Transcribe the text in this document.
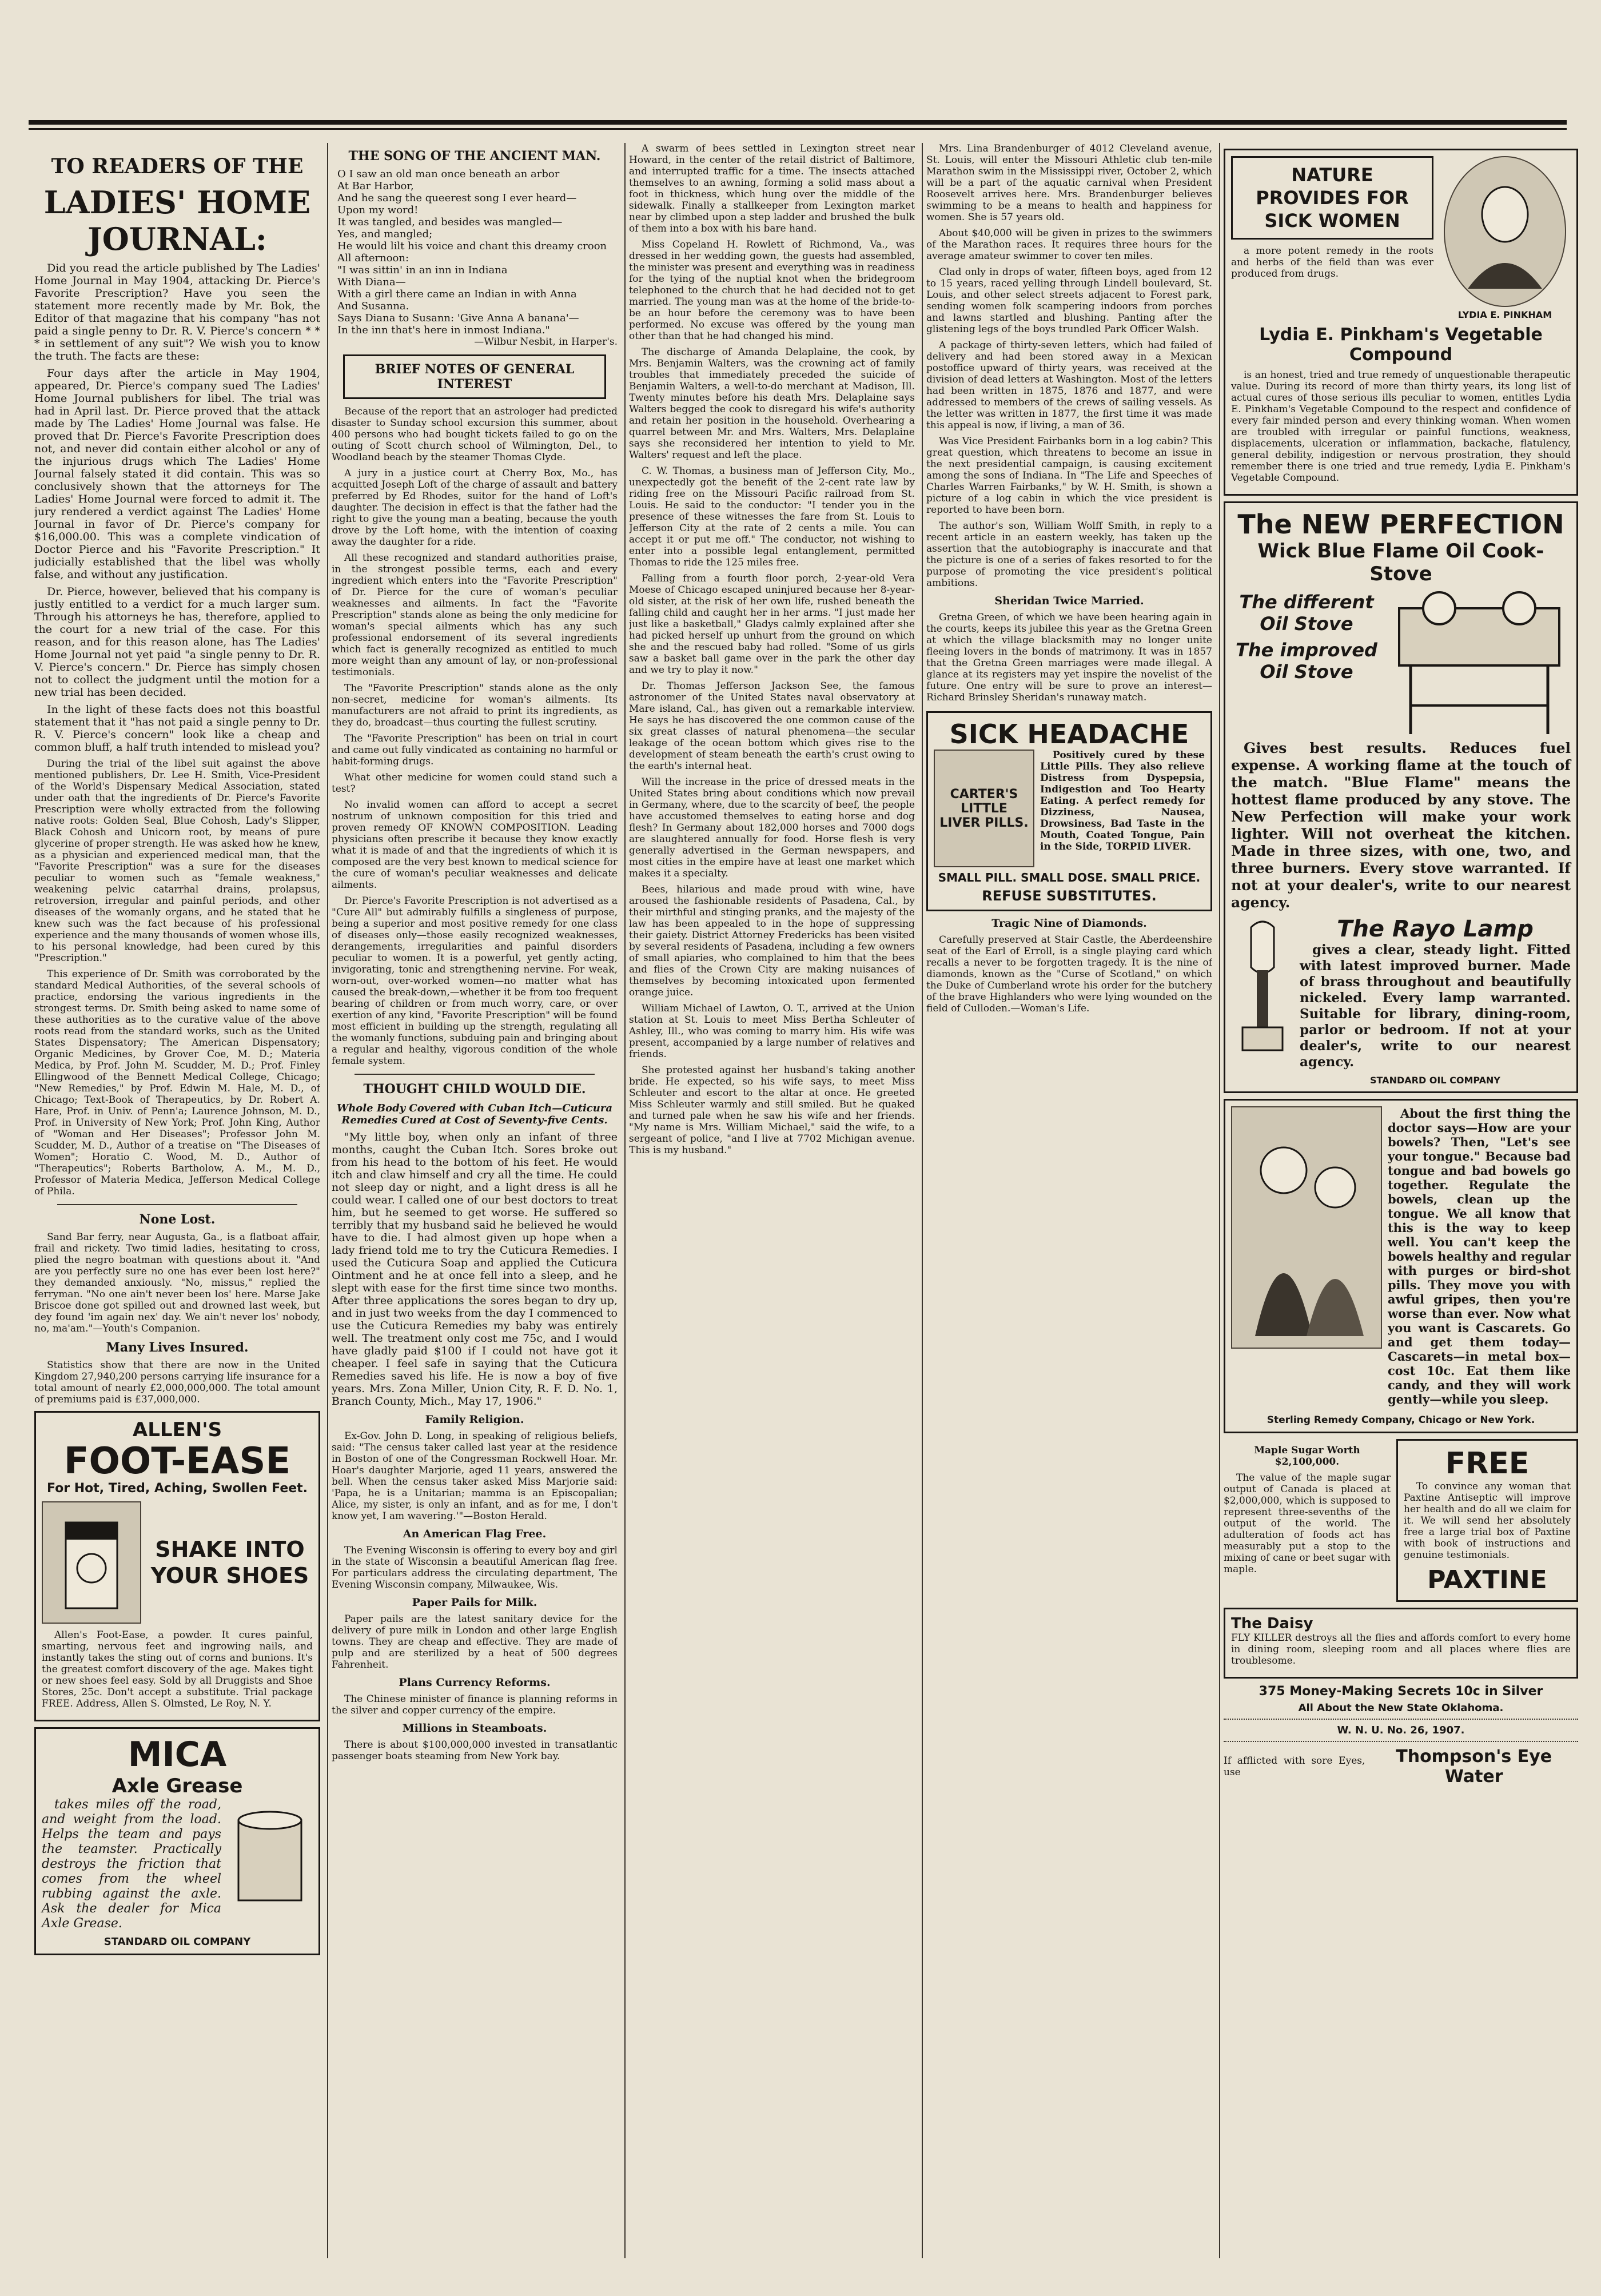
TO READERS OF THE
LADIES' HOME JOURNAL:

Did you read the article published by The Ladies' Home Journal in May 1904, attacking Dr. Pierce's Favorite Prescription? Have you seen the statement more recently made by Mr. Bok, the Editor of that magazine that his company "has not paid a single penny to Dr. R. V. Pierce's concern * * * in settlement of any suit"? We wish you to know the truth. The facts are these:

Four days after the article in May 1904, appeared, Dr. Pierce's company sued The Ladies' Home Journal publishers for libel. The trial was had in April last. Dr. Pierce proved that the attack made by The Ladies' Home Journal was false. He proved that Dr. Pierce's Favorite Prescription does not, and never did contain either alcohol or any of the injurious drugs which The Ladies' Home Journal falsely stated it did contain. This was so conclusively shown that the attorneys for The Ladies' Home Journal were forced to admit it. The jury rendered a verdict against The Ladies' Home Journal in favor of Dr. Pierce's company for $16,000.00. This was a complete vindication of Doctor Pierce and his "Favorite Prescription." It judicially established that the libel was wholly false, and without any justification.

Dr. Pierce, however, believed that his company is justly entitled to a verdict for a much larger sum. Through his attorneys he has, therefore, applied to the court for a new trial of the case. For this reason, and for this reason alone, has The Ladies' Home Journal not yet paid "a single penny to Dr. R. V. Pierce's concern." Dr. Pierce has simply chosen not to collect the judgment until the motion for a new trial has been decided.

In the light of these facts does not this boastful statement that it "has not paid a single penny to Dr. R. V. Pierce's concern" look like a cheap and common bluff, a half truth intended to mislead you?

During the trial of the libel suit against the above mentioned publishers, Dr. Lee H. Smith, Vice-President of the World's Dispensary Medical Association, stated under oath that the ingredients of Dr. Pierce's Favorite Prescription were wholly extracted from the following native roots: Golden Seal, Blue Cohosh, Lady's Slipper, Black Cohosh and Unicorn root, by means of pure glycerine of proper strength. He was asked how he knew, as a physician and experienced medical man, that the "Favorite Prescription" was a sure for the diseases peculiar to women such as "female weakness," weakening pelvic catarrhal drains, prolapsus, retroversion, irregular and painful periods, and other diseases of the womanly organs, and he stated that he knew such was the fact because of his professional experience and the many thousands of women whose ills, to his personal knowledge, had been cured by this "Prescription."

This experience of Dr. Smith was corroborated by the standard Medical Authorities, of the several schools of practice, endorsing the various ingredients in the strongest terms. Dr. Smith being asked to name some of these authorities as to the curative value of the above roots read from the standard works, such as the United States Dispensatory; The American Dispensatory; Organic Medicines, by Grover Coe, M. D.; Materia Medica, by Prof. John M. Scudder, M. D.; Prof. Finley Ellingwood of the Bennett Medical College, Chicago; "New Remedies," by Prof. Edwin M. Hale, M. D., of Chicago; Text-Book of Therapeutics, by Dr. Robert A. Hare, Prof. in Univ. of Penn'a; Laurence Johnson, M. D., Prof. in University of New York; Prof. John King, Author of "Woman and Her Diseases"; Professor John M. Scudder, M. D., Author of a treatise on "The Diseases of Women"; Horatio C. Wood, M. D., Author of "Therapeutics"; Roberts Bartholow, A. M., M. D., Professor of Materia Medica, Jefferson Medical College of Phila.

None Lost.

Sand Bar ferry, near Augusta, Ga., is a flatboat affair, frail and rickety. Two timid ladies, hesitating to cross, plied the negro boatman with questions about it. "And are you perfectly sure no one has ever been lost here?" they demanded anxiously. "No, missus," replied the ferryman. "No one ain't never been los' here. Marse Jake Briscoe done got spilled out and drowned last week, but dey found 'im again nex' day. We ain't never los' nobody, no, ma'am."—Youth's Companion.

Many Lives Insured.

Statistics show that there are now in the United Kingdom 27,940,200 persons carrying life insurance for a total amount of nearly £2,000,000,000. The total amount of premiums paid is £37,000,000.

ALLEN'S
FOOT-EASE
For Hot, Tired, Aching, Swollen Feet.
SHAKE INTO YOUR SHOES

Allen's Foot-Ease, a powder. It cures painful, smarting, nervous feet and ingrowing nails, and instantly takes the sting out of corns and bunions. It's the greatest comfort discovery of the age. Makes tight or new shoes feel easy. Sold by all Druggists and Shoe Stores, 25c. Don't accept a substitute. Trial package FREE. Address, Allen S. Olmsted, Le Roy, N. Y.

MICA
Axle Grease

takes miles off the road, and weight from the load. Helps the team and pays the teamster. Practically destroys the friction that comes from the wheel rubbing against the axle. Ask the dealer for Mica Axle Grease.

STANDARD OIL COMPANY
THE SONG OF THE ANCIENT MAN.
O I saw an old man once beneath an arbor
At Bar Harbor,
And he sang the queerest song I ever heard—
Upon my word!
It was tangled, and besides was mangled—
Yes, and mangled;
He would lilt his voice and chant this dreamy croon
All afternoon:
"I was sittin' in an inn in Indiana
With Diana—
With a girl there came an Indian in with Anna
And Susanna.
Says Diana to Susann: 'Give Anna A banana'—
In the inn that's here in inmost Indiana."
—Wilbur Nesbit, in Harper's.
BRIEF NOTES OF GENERAL INTEREST

Because of the report that an astrologer had predicted disaster to Sunday school excursion this summer, about 400 persons who had bought tickets failed to go on the outing of Scott church school of Wilmington, Del., to Woodland beach by the steamer Thomas Clyde.

A jury in a justice court at Cherry Box, Mo., has acquitted Joseph Loft of the charge of assault and battery preferred by Ed Rhodes, suitor for the hand of Loft's daughter. The decision in effect is that the father had the right to give the young man a beating, because the youth drove by the Loft home, with the intention of coaxing away the daughter for a ride.

All these recognized and standard authorities praise, in the strongest possible terms, each and every ingredient which enters into the "Favorite Prescription" of Dr. Pierce for the cure of woman's peculiar weaknesses and ailments. In fact the "Favorite Prescription" stands alone as being the only medicine for woman's special ailments which has any such professional endorsement of its several ingredients which fact is generally recognized as entitled to much more weight than any amount of lay, or non-professional testimonials.

The "Favorite Prescription" stands alone as the only non-secret, medicine for woman's ailments. Its manufacturers are not afraid to print its ingredients, as they do, broadcast—thus courting the fullest scrutiny.

The "Favorite Prescription" has been on trial in court and came out fully vindicated as containing no harmful or habit-forming drugs.

What other medicine for women could stand such a test?

No invalid women can afford to accept a secret nostrum of unknown composition for this tried and proven remedy OF KNOWN COMPOSITION. Leading physicians often prescribe it because they know exactly what it is made of and that the ingredients of which it is composed are the very best known to medical science for the cure of woman's peculiar weaknesses and delicate ailments.

Dr. Pierce's Favorite Prescription is not advertised as a "Cure All" but admirably fulfills a singleness of purpose, being a superior and most positive remedy for one class of diseases only—those easily recognized weaknesses, derangements, irregularities and painful disorders peculiar to women. It is a powerful, yet gently acting, invigorating, tonic and strengthening nervine. For weak, worn-out, over-worked women—no matter what has caused the break-down,—whether it be from too frequent bearing of children or from much worry, care, or over exertion of any kind, "Favorite Prescription" will be found most efficient in building up the strength, regulating all the womanly functions, subduing pain and bringing about a regular and healthy, vigorous condition of the whole female system.

THOUGHT CHILD WOULD DIE.
Whole Body Covered with Cuban Itch—Cuticura Remedies Cured at Cost of Seventy-five Cents.

"My little boy, when only an infant of three months, caught the Cuban Itch. Sores broke out from his head to the bottom of his feet. He would itch and claw himself and cry all the time. He could not sleep day or night, and a light dress is all he could wear. I called one of our best doctors to treat him, but he seemed to get worse. He suffered so terribly that my husband said he believed he would have to die. I had almost given up hope when a lady friend told me to try the Cuticura Remedies. I used the Cuticura Soap and applied the Cuticura Ointment and he at once fell into a sleep, and he slept with ease for the first time since two months. After three applications the sores began to dry up, and in just two weeks from the day I commenced to use the Cuticura Remedies my baby was entirely well. The treatment only cost me 75c, and I would have gladly paid $100 if I could not have got it cheaper. I feel safe in saying that the Cuticura Remedies saved his life. He is now a boy of five years. Mrs. Zona Miller, Union City, R. F. D. No. 1, Branch County, Mich., May 17, 1906."

Family Religion.

Ex-Gov. John D. Long, in speaking of religious beliefs, said: "The census taker called last year at the residence in Boston of one of the Congressman Rockwell Hoar. Mr. Hoar's daughter Marjorie, aged 11 years, answered the bell. When the census taker asked Miss Marjorie said: 'Papa, he is a Unitarian; mamma is an Episcopalian; Alice, my sister, is only an infant, and as for me, I don't know yet, I am wavering.'"—Boston Herald.

An American Flag Free.

The Evening Wisconsin is offering to every boy and girl in the state of Wisconsin a beautiful American flag free. For particulars address the circulating department, The Evening Wisconsin company, Milwaukee, Wis.

Paper Pails for Milk.

Paper pails are the latest sanitary device for the delivery of pure milk in London and other large English towns. They are cheap and effective. They are made of pulp and are sterilized by a heat of 500 degrees Fahrenheit.

Plans Currency Reforms.

The Chinese minister of finance is planning reforms in the silver and copper currency of the empire.

Millions in Steamboats.

There is about $100,000,000 invested in transatlantic passenger boats steaming from New York bay.

A swarm of bees settled in Lexington street near Howard, in the center of the retail district of Baltimore, and interrupted traffic for a time. The insects attached themselves to an awning, forming a solid mass about a foot in thickness, which hung over the middle of the sidewalk. Finally a stallkeeper from Lexington market near by climbed upon a step ladder and brushed the bulk of them into a box with his bare hand.

Miss Copeland H. Rowlett of Richmond, Va., was dressed in her wedding gown, the guests had assembled, the minister was present and everything was in readiness for the tying of the nuptial knot when the bridegroom telephoned to the church that he had decided not to get married. The young man was at the home of the bride-to-be an hour before the ceremony was to have been performed. No excuse was offered by the young man other than that he had changed his mind.

The discharge of Amanda Delaplaine, the cook, by Mrs. Benjamin Walters, was the crowning act of family troubles that immediately preceded the suicide of Benjamin Walters, a well-to-do merchant at Madison, Ill. Twenty minutes before his death Mrs. Delaplaine says Walters begged the cook to disregard his wife's authority and retain her position in the household. Overhearing a quarrel between Mr. and Mrs. Walters, Mrs. Delaplaine says she reconsidered her intention to yield to Mr. Walters' request and left the place.

C. W. Thomas, a business man of Jefferson City, Mo., unexpectedly got the benefit of the 2-cent rate law by riding free on the Missouri Pacific railroad from St. Louis. He said to the conductor: "I tender you in the presence of these witnesses the fare from St. Louis to Jefferson City at the rate of 2 cents a mile. You can accept it or put me off." The conductor, not wishing to enter into a possible legal entanglement, permitted Thomas to ride the 125 miles free.

Falling from a fourth floor porch, 2-year-old Vera Moese of Chicago escaped uninjured because her 8-year-old sister, at the risk of her own life, rushed beneath the falling child and caught her in her arms. "I just made her just like a basketball," Gladys calmly explained after she had picked herself up unhurt from the ground on which she and the rescued baby had rolled. "Some of us girls saw a basket ball game over in the park the other day and we try to play it now."

Dr. Thomas Jefferson Jackson See, the famous astronomer of the United States naval observatory at Mare island, Cal., has given out a remarkable interview. He says he has discovered the one common cause of the six great classes of natural phenomena—the secular leakage of the ocean bottom which gives rise to the development of steam beneath the earth's crust owing to the earth's internal heat.

Will the increase in the price of dressed meats in the United States bring about conditions which now prevail in Germany, where, due to the scarcity of beef, the people have accustomed themselves to eating horse and dog flesh? In Germany about 182,000 horses and 7000 dogs are slaughtered annually for food. Horse flesh is very generally advertised in the German newspapers, and most cities in the empire have at least one market which makes it a specialty.

Bees, hilarious and made proud with wine, have aroused the fashionable residents of Pasadena, Cal., by their mirthful and stinging pranks, and the majesty of the law has been appealed to in the hope of suppressing their gaiety. District Attorney Fredericks has been visited by several residents of Pasadena, including a few owners of small apiaries, who complained to him that the bees and flies of the Crown City are making nuisances of themselves by becoming intoxicated upon fermented orange juice.

William Michael of Lawton, O. T., arrived at the Union station at St. Louis to meet Miss Bertha Schleuter of Ashley, Ill., who was coming to marry him. His wife was present, accompanied by a large number of relatives and friends.

She protested against her husband's taking another bride. He expected, so his wife says, to meet Miss Schleuter and escort to the altar at once. He greeted Miss Schleuter warmly and still smiled. But he quaked and turned pale when he saw his wife and her friends. "My name is Mrs. William Michael," said the wife, to a sergeant of police, "and I live at 7702 Michigan avenue. This is my husband."

Mrs. Lina Brandenburger of 4012 Cleveland avenue, St. Louis, will enter the Missouri Athletic club ten-mile Marathon swim in the Mississippi river, October 2, which will be a part of the aquatic carnival when President Roosevelt arrives here. Mrs. Brandenburger believes swimming to be a means to health and happiness for women. She is 57 years old.

About $40,000 will be given in prizes to the swimmers of the Marathon races. It requires three hours for the average amateur swimmer to cover ten miles.

Clad only in drops of water, fifteen boys, aged from 12 to 15 years, raced yelling through Lindell boulevard, St. Louis, and other select streets adjacent to Forest park, sending women folk scampering indoors from porches and lawns startled and blushing. Panting after the glistening legs of the boys trundled Park Officer Walsh.

A package of thirty-seven letters, which had failed of delivery and had been stored away in a Mexican postoffice upward of thirty years, was received at the division of dead letters at Washington. Most of the letters had been written in 1875, 1876 and 1877, and were addressed to members of the crews of sailing vessels. As the letter was written in 1877, the first time it was made this appeal is now, if living, a man of 36.

Was Vice President Fairbanks born in a log cabin? This great question, which threatens to become an issue in the next presidential campaign, is causing excitement among the sons of Indiana. In "The Life and Speeches of Charles Warren Fairbanks," by W. H. Smith, is shown a picture of a log cabin in which the vice president is reported to have been born.

The author's son, William Wolff Smith, in reply to a recent article in an eastern weekly, has taken up the assertion that the autobiography is inaccurate and that the picture is one of a series of fakes resorted to for the purpose of promoting the vice president's political ambitions.

Sheridan Twice Married.

Gretna Green, of which we have been hearing again in the courts, keeps its jubilee this year as the Gretna Green at which the village blacksmith may no longer unite fleeing lovers in the bonds of matrimony. It was in 1857 that the Gretna Green marriages were made illegal. A glance at its registers may yet inspire the novelist of the future. One entry will be sure to prove an interest—Richard Brinsley Sheridan's runaway match.

SICK HEADACHE
CARTER'S LITTLE LIVER PILLS.

Positively cured by these Little Pills. They also relieve Distress from Dyspepsia, Indigestion and Too Hearty Eating. A perfect remedy for Dizziness, Nausea, Drowsiness, Bad Taste in the Mouth, Coated Tongue, Pain in the Side, TORPID LIVER.

SMALL PILL. SMALL DOSE. SMALL PRICE.
REFUSE SUBSTITUTES.
Tragic Nine of Diamonds.

Carefully preserved at Stair Castle, the Aberdeenshire seat of the Earl of Erroll, is a single playing card which recalls a never to be forgotten tragedy. It is the nine of diamonds, known as the "Curse of Scotland," on which the Duke of Cumberland wrote his order for the butchery of the brave Highlanders who were lying wounded on the field of Culloden.—Woman's Life.

NATURE PROVIDES FOR SICK WOMEN

a more potent remedy in the roots and herbs of the field than was ever produced from drugs.

LYDIA E. PINKHAM
Lydia E. Pinkham's Vegetable Compound

is an honest, tried and true remedy of unquestionable therapeutic value. During its record of more than thirty years, its long list of actual cures of those serious ills peculiar to women, entitles Lydia E. Pinkham's Vegetable Compound to the respect and confidence of every fair minded person and every thinking woman. When women are troubled with irregular or painful functions, weakness, displacements, ulceration or inflammation, backache, flatulency, general debility, indigestion or nervous prostration, they should remember there is one tried and true remedy, Lydia E. Pinkham's Vegetable Compound.

The NEW PERFECTION
Wick Blue Flame Oil Cook-Stove
The different Oil Stove
The improved Oil Stove

Gives best results. Reduces fuel expense. A working flame at the touch of the match. "Blue Flame" means the hottest flame produced by any stove. The New Perfection will make your work lighter. Will not overheat the kitchen. Made in three sizes, with one, two, and three burners. Every stove warranted. If not at your dealer's, write to our nearest agency.

The Rayo Lamp

gives a clear, steady light. Fitted with latest improved burner. Made of brass throughout and beautifully nickeled. Every lamp warranted. Suitable for library, dining-room, parlor or bedroom. If not at your dealer's, write to our nearest agency.

STANDARD OIL COMPANY

About the first thing the doctor says—How are your bowels? Then, "Let's see your tongue." Because bad tongue and bad bowels go together. Regulate the bowels, clean up the tongue. We all know that this is the way to keep well. You can't keep the bowels healthy and regular with purges or bird-shot pills. They move you with awful gripes, then you're worse than ever. Now what you want is Cascarets. Go and get them today—Cascarets—in metal box—cost 10c. Eat them like candy, and they will work gently—while you sleep.

Sterling Remedy Company, Chicago or New York.
Maple Sugar Worth $2,100,000.

The value of the maple sugar output of Canada is placed at $2,000,000, which is supposed to represent three-sevenths of the output of the world. The adulteration of foods act has measurably put a stop to the mixing of cane or beet sugar with maple.

FREE

To convince any woman that Paxtine Antiseptic will improve her health and do all we claim for it. We will send her absolutely free a large trial box of Paxtine with book of instructions and genuine testimonials.

PAXTINE
The Daisy

FLY KILLER destroys all the flies and affords comfort to every home in dining room, sleeping room and all places where flies are troublesome.

375 Money-Making Secrets 10c in Silver
All About the New State Oklahoma.
W. N. U. No. 26, 1907.
If afflicted with sore Eyes, use
Thompson's Eye Water
